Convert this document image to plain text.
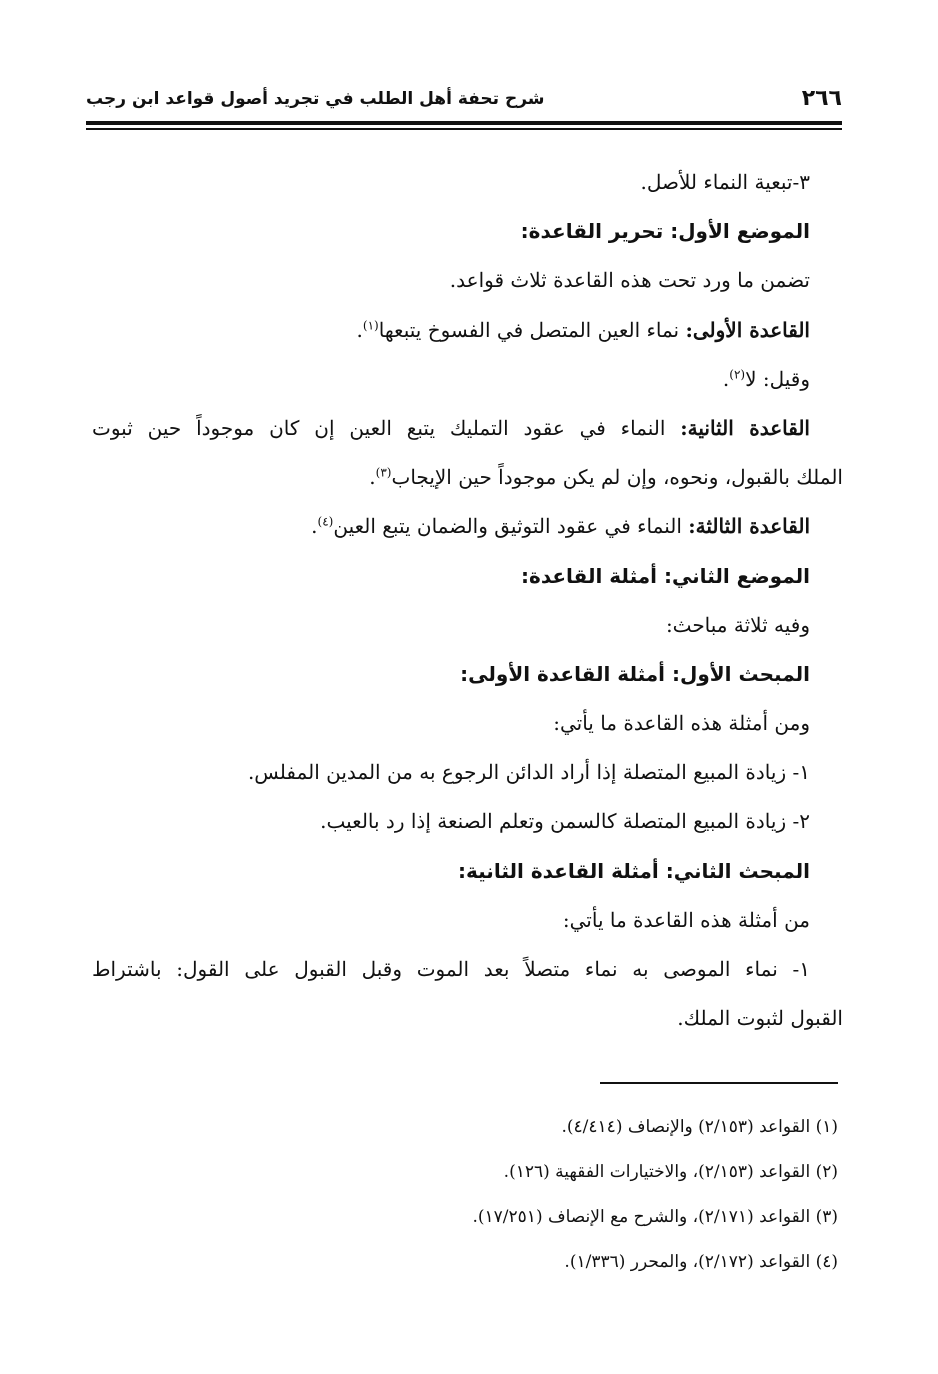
٢٦٦
شرح تحفة أهل الطلب في تجريد أصول قواعد ابن رجب
٣-تبعية النماء للأصل.
الموضع الأول: تحرير القاعدة:
تضمن ما ورد تحت هذه القاعدة ثلاث قواعد.
القاعدة الأولى: نماء العين المتصل في الفسوخ يتبعها$^{(١)}$.
وقيل: لا$^{(٢)}$.
القاعدة الثانية: النماء في عقود التمليك يتبع العين إن كان موجوداً حين ثبوت
الملك بالقبول، ونحوه، وإن لم يكن موجوداً حين الإيجاب$^{(٣)}$.
القاعدة الثالثة: النماء في عقود التوثيق والضمان يتبع العين$^{(٤)}$.
الموضع الثاني: أمثلة القاعدة:
وفيه ثلاثة مباحث:
المبحث الأول: أمثلة القاعدة الأولى:
ومن أمثلة هذه القاعدة ما يأتي:
١- زيادة المبيع المتصلة إذا أراد الدائن الرجوع به من المدين المفلس.
٢- زيادة المبيع المتصلة كالسمن وتعلم الصنعة إذا رد بالعيب.
المبحث الثاني: أمثلة القاعدة الثانية:
من أمثلة هذه القاعدة ما يأتي:
١- نماء الموصى به نماء متصلاً بعد الموت وقبل القبول على القول: باشتراط
القبول لثبوت الملك.
(١) القواعد (٢/١٥٣) والإنصاف (٤/٤١٤).
(٢) القواعد (٢/١٥٣)، والاختيارات الفقهية (١٢٦).
(٣) القواعد (٢/١٧١)، والشرح مع الإنصاف (١٧/٢٥١).
(٤) القواعد (٢/١٧٢)، والمحرر (١/٣٣٦).
